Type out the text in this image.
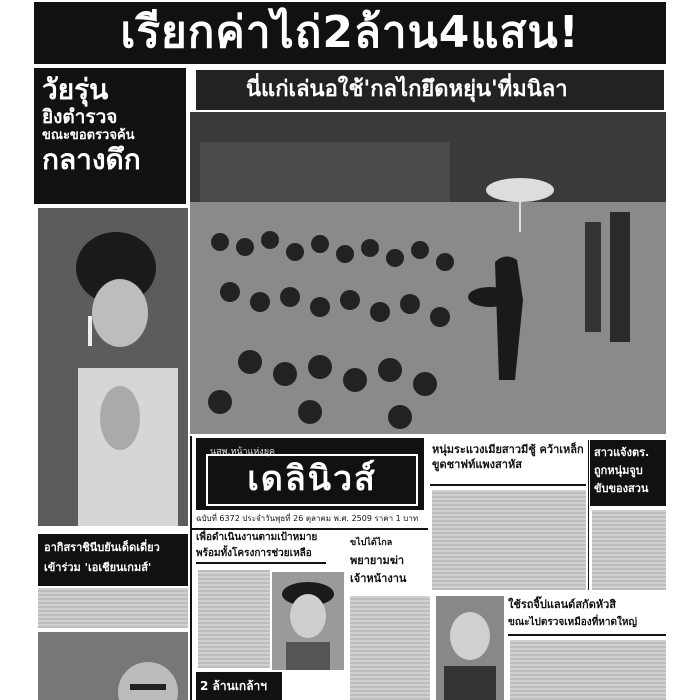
เรียกค่าไถ่2ล้าน4แสน!
วัยรุ่น
ยิงตำรวจ
ขณะขอตรวจค้น
กลางดึก
นี่แก่เล่นอใช้'กลไกยึดหยุ่น'ที่มนิลา
นสพ.หน้าแห่งยุค
เดลินิวส์
ฉบับที่ 6372 ประจำวันพุธที่ 26 ตุลาคม พ.ศ. 2509 ราคา 1 บาท
หนุ่มระแวงเมียสาวมีชู้ คว้าเหล็กขูดชาฟท์แพงสาหัส
สาวแจ้งตร.
ถูกหนุ่มจูบ
ขับของสวน
อากิสราชินีบยันเด็ดเดี่ยว
เข้าร่วม 'เอเชียนเกมส์'
เพื่อดำเนินงานตามเป้าหมาย
พร้อมทั้งโครงการช่วยเหลือ
2 ล้านเกล้าฯ
ขไปได้ไกล
พยายามฆ่า
เจ้าหน้างาน
ใช้รถจิ๊ปแลนด์สกัดหัวสิ
ขณะไปตรวจเหมืองที่หาดใหญ่
